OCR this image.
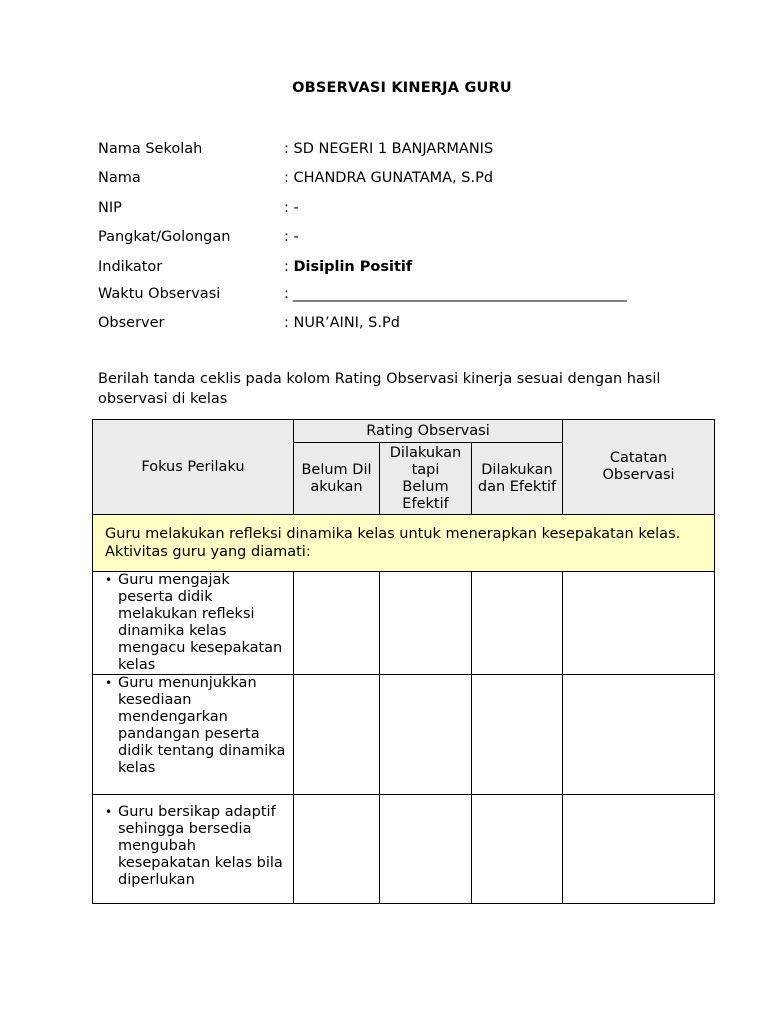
OBSERVASI KINERJA GURU
Nama Sekolah	: SD NEGERI 1 BANJARMANIS
Nama	: CHANDRA GUNATAMA, S.Pd
NIP	: -
Pangkat/Golongan	: -
Indikator	: Disiplin Positif
Waktu Observasi	: ________________________________________________
Observer	: NUR’AINI, S.Pd
Berilah tanda ceklis pada kolom Rating Observasi kinerja sesuai dengan hasil observasi di kelas
Fokus Perilaku	Rating Observasi			Catatan Observasi
	Belum Dilakukan	Dilakukan tapi Belum Efektif	Dilakukan dan Efektif	
Guru melakukan refleksi dinamika kelas untuk menerapkan kesepakatan kelas. Aktivitas guru yang diamati:				

• Guru mengajak peserta didik melakukan refleksi dinamika kelas mengacu kesepakatan kelas				

• Guru menunjukkan kesediaan mendengarkan pandangan peserta didik tentang dinamika kelas				

• Guru bersikap adaptif sehingga bersedia mengubah kesepakatan kelas bila diperlukan				
